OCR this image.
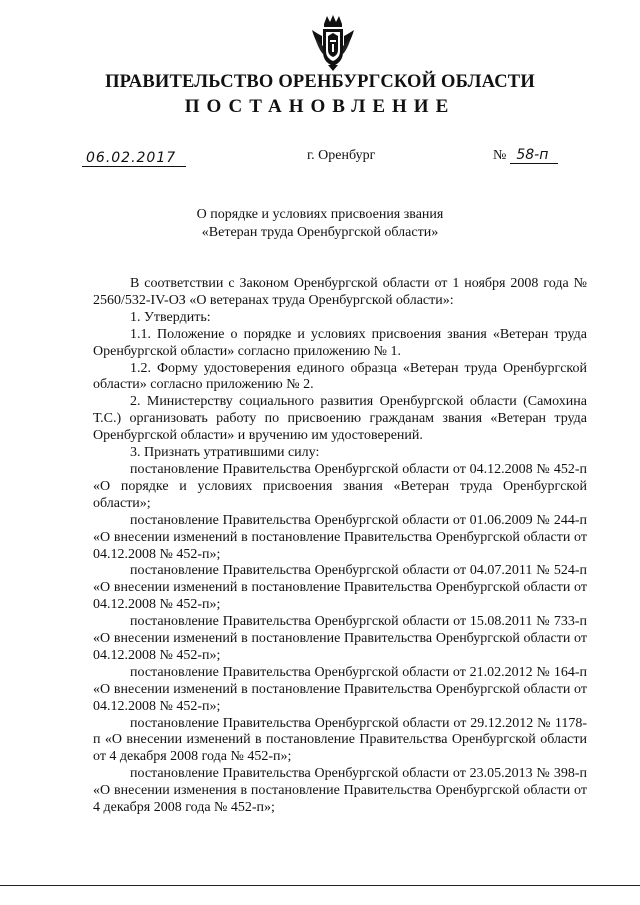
ПРАВИТЕЛЬСТВО ОРЕНБУРГСКОЙ ОБЛАСТИ
ПОСТАНОВЛЕНИЕ
06.02.2017	г. Оренбург	№ 58-п
О порядке и условиях присвоения звания
«Ветеран труда Оренбургской области»

В соответствии с Законом Оренбургской области от 1 ноября 2008 года № 2560/532-IV-ОЗ «О ветеранах труда Оренбургской области»:

1. Утвердить:

1.1. Положение о порядке и условиях присвоения звания «Ветеран труда Оренбургской области» согласно приложению № 1.

1.2. Форму удостоверения единого образца «Ветеран труда Оренбургской области» согласно приложению № 2.

2. Министерству социального развития Оренбургской области (Самохина Т.С.) организовать работу по присвоению гражданам звания «Ветеран труда Оренбургской области» и вручению им удостоверений.

3. Признать утратившими силу:

постановление Правительства Оренбургской области от 04.12.2008 № 452-п «О порядке и условиях присвоения звания «Ветеран труда Оренбургской области»;

постановление Правительства Оренбургской области от 01.06.2009 № 244-п «О внесении изменений в постановление Правительства Оренбургской области от 04.12.2008 № 452-п»;

постановление Правительства Оренбургской области от 04.07.2011 № 524-п «О внесении изменений в постановление Правительства Оренбургской области от 04.12.2008 № 452-п»;

постановление Правительства Оренбургской области от 15.08.2011 № 733-п «О внесении изменений в постановление Правительства Оренбургской области от 04.12.2008 № 452-п»;

постановление Правительства Оренбургской области от 21.02.2012 № 164-п «О внесении изменений в постановление Правительства Оренбургской области от 04.12.2008 № 452-п»;

постановление Правительства Оренбургской области от 29.12.2012 № 1178-п «О внесении изменений в постановление Правительства Оренбургской области от 4 декабря 2008 года № 452-п»;

постановление Правительства Оренбургской области от 23.05.2013 № 398-п «О внесении изменения в постановление Правительства Оренбургской области от 4 декабря 2008 года № 452-п»;
